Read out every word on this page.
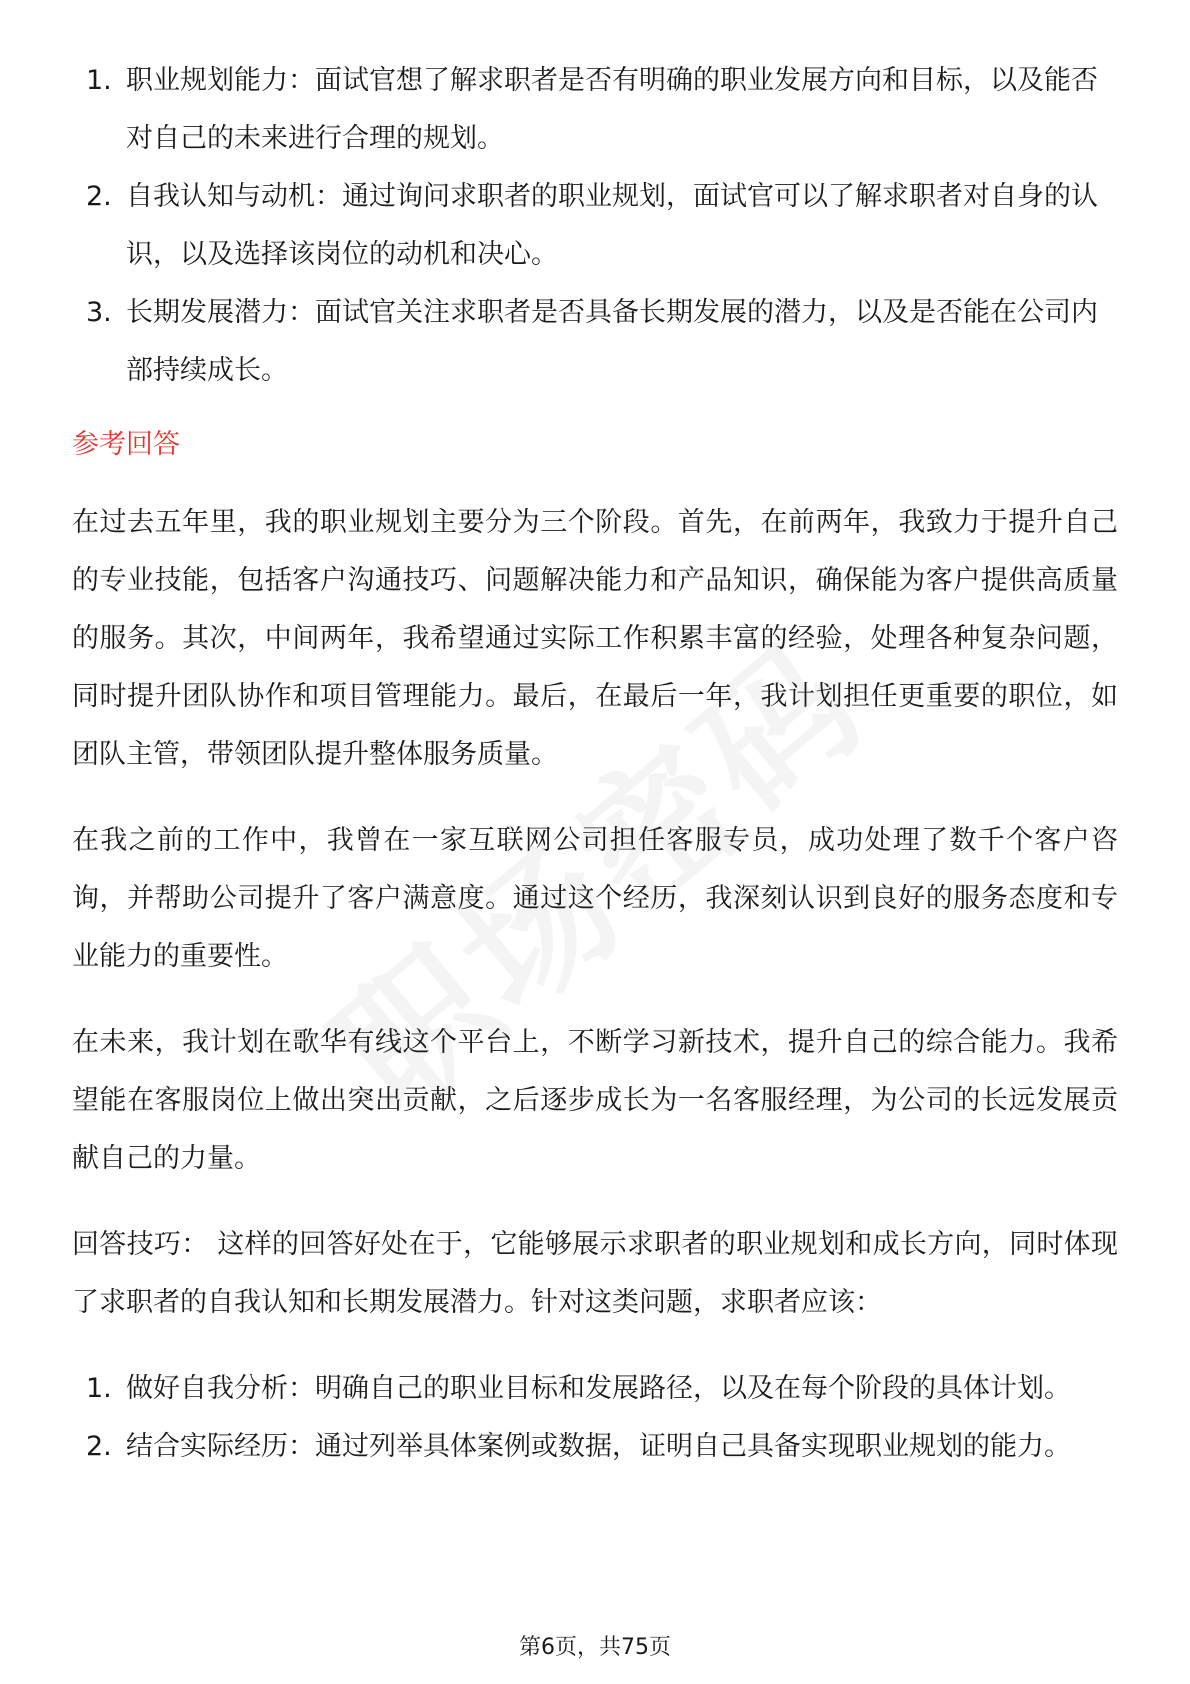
1. 职业规划能力：面试官想了解求职者是否有明确的职业发展方向和目标，以及能否对自己的未来进行合理的规划。
2. 自我认知与动机：通过询问求职者的职业规划，面试官可以了解求职者对自身的认识，以及选择该岗位的动机和决心。
3. 长期发展潜力：面试官关注求职者是否具备长期发展的潜力，以及是否能在公司内部持续成长。
参考回答

在过去五年里，我的职业规划主要分为三个阶段。首先，在前两年，我致力于提升自己的专业技能，包括客户沟通技巧、问题解决能力和产品知识，确保能为客户提供高质量的服务。其次，中间两年，我希望通过实际工作积累丰富的经验，处理各种复杂问题，同时提升团队协作和项目管理能力。最后，在最后一年，我计划担任更重要的职位，如团队主管，带领团队提升整体服务质量。

在我之前的工作中，我曾在一家互联网公司担任客服专员，成功处理了数千个客户咨询，并帮助公司提升了客户满意度。通过这个经历，我深刻认识到良好的服务态度和专业能力的重要性。

在未来，我计划在歌华有线这个平台上，不断学习新技术，提升自己的综合能力。我希望能在客服岗位上做出突出贡献，之后逐步成长为一名客服经理，为公司的长远发展贡献自己的力量。

回答技巧： 这样的回答好处在于，它能够展示求职者的职业规划和成长方向，同时体现了求职者的自我认知和长期发展潜力。针对这类问题，求职者应该：

1. 做好自我分析：明确自己的职业目标和发展路径，以及在每个阶段的具体计划。
2. 结合实际经历：通过列举具体案例或数据，证明自己具备实现职业规划的能力。
第6页，共75页
